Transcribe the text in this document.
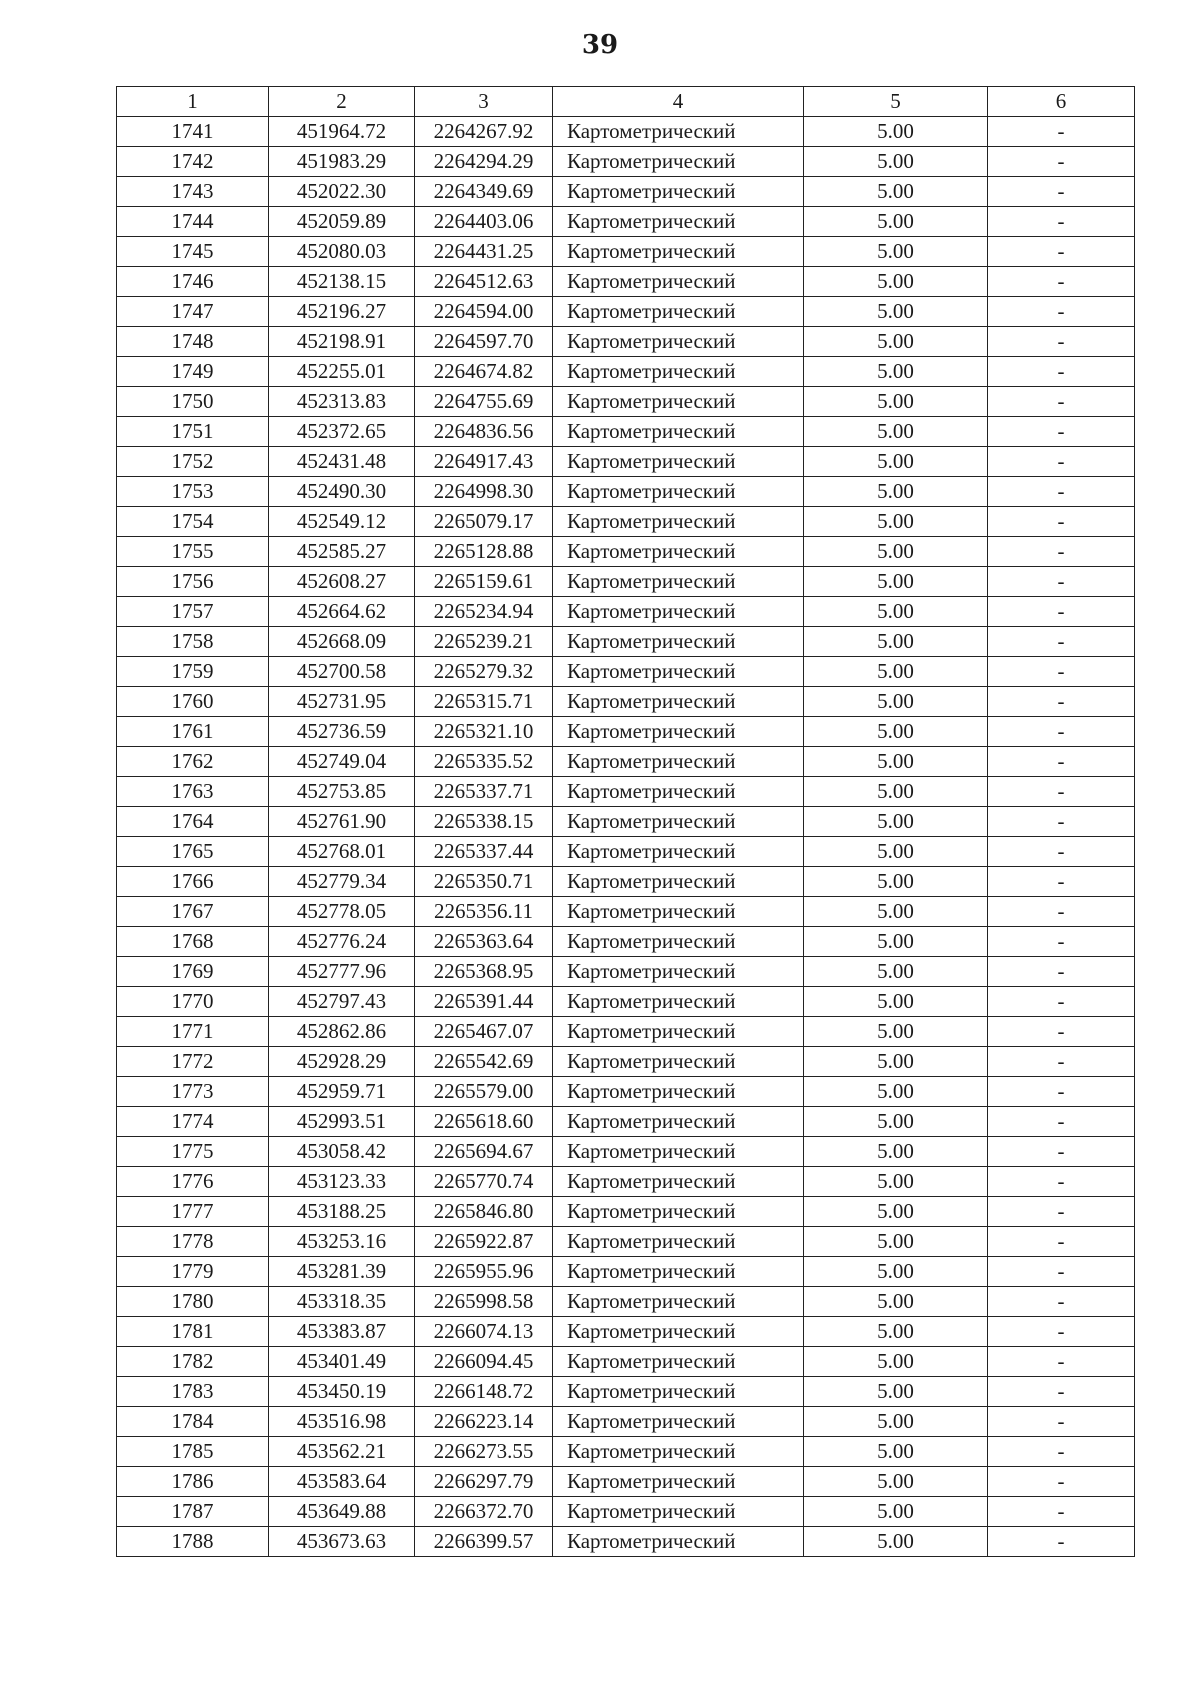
39
1	2	3	4	5	6
1741	451964.72	2264267.92	Картометрический	5.00	-
1742	451983.29	2264294.29	Картометрический	5.00	-
1743	452022.30	2264349.69	Картометрический	5.00	-
1744	452059.89	2264403.06	Картометрический	5.00	-
1745	452080.03	2264431.25	Картометрический	5.00	-
1746	452138.15	2264512.63	Картометрический	5.00	-
1747	452196.27	2264594.00	Картометрический	5.00	-
1748	452198.91	2264597.70	Картометрический	5.00	-
1749	452255.01	2264674.82	Картометрический	5.00	-
1750	452313.83	2264755.69	Картометрический	5.00	-
1751	452372.65	2264836.56	Картометрический	5.00	-
1752	452431.48	2264917.43	Картометрический	5.00	-
1753	452490.30	2264998.30	Картометрический	5.00	-
1754	452549.12	2265079.17	Картометрический	5.00	-
1755	452585.27	2265128.88	Картометрический	5.00	-
1756	452608.27	2265159.61	Картометрический	5.00	-
1757	452664.62	2265234.94	Картометрический	5.00	-
1758	452668.09	2265239.21	Картометрический	5.00	-
1759	452700.58	2265279.32	Картометрический	5.00	-
1760	452731.95	2265315.71	Картометрический	5.00	-
1761	452736.59	2265321.10	Картометрический	5.00	-
1762	452749.04	2265335.52	Картометрический	5.00	-
1763	452753.85	2265337.71	Картометрический	5.00	-
1764	452761.90	2265338.15	Картометрический	5.00	-
1765	452768.01	2265337.44	Картометрический	5.00	-
1766	452779.34	2265350.71	Картометрический	5.00	-
1767	452778.05	2265356.11	Картометрический	5.00	-
1768	452776.24	2265363.64	Картометрический	5.00	-
1769	452777.96	2265368.95	Картометрический	5.00	-
1770	452797.43	2265391.44	Картометрический	5.00	-
1771	452862.86	2265467.07	Картометрический	5.00	-
1772	452928.29	2265542.69	Картометрический	5.00	-
1773	452959.71	2265579.00	Картометрический	5.00	-
1774	452993.51	2265618.60	Картометрический	5.00	-
1775	453058.42	2265694.67	Картометрический	5.00	-
1776	453123.33	2265770.74	Картометрический	5.00	-
1777	453188.25	2265846.80	Картометрический	5.00	-
1778	453253.16	2265922.87	Картометрический	5.00	-
1779	453281.39	2265955.96	Картометрический	5.00	-
1780	453318.35	2265998.58	Картометрический	5.00	-
1781	453383.87	2266074.13	Картометрический	5.00	-
1782	453401.49	2266094.45	Картометрический	5.00	-
1783	453450.19	2266148.72	Картометрический	5.00	-
1784	453516.98	2266223.14	Картометрический	5.00	-
1785	453562.21	2266273.55	Картометрический	5.00	-
1786	453583.64	2266297.79	Картометрический	5.00	-
1787	453649.88	2266372.70	Картометрический	5.00	-
1788	453673.63	2266399.57	Картометрический	5.00	-
